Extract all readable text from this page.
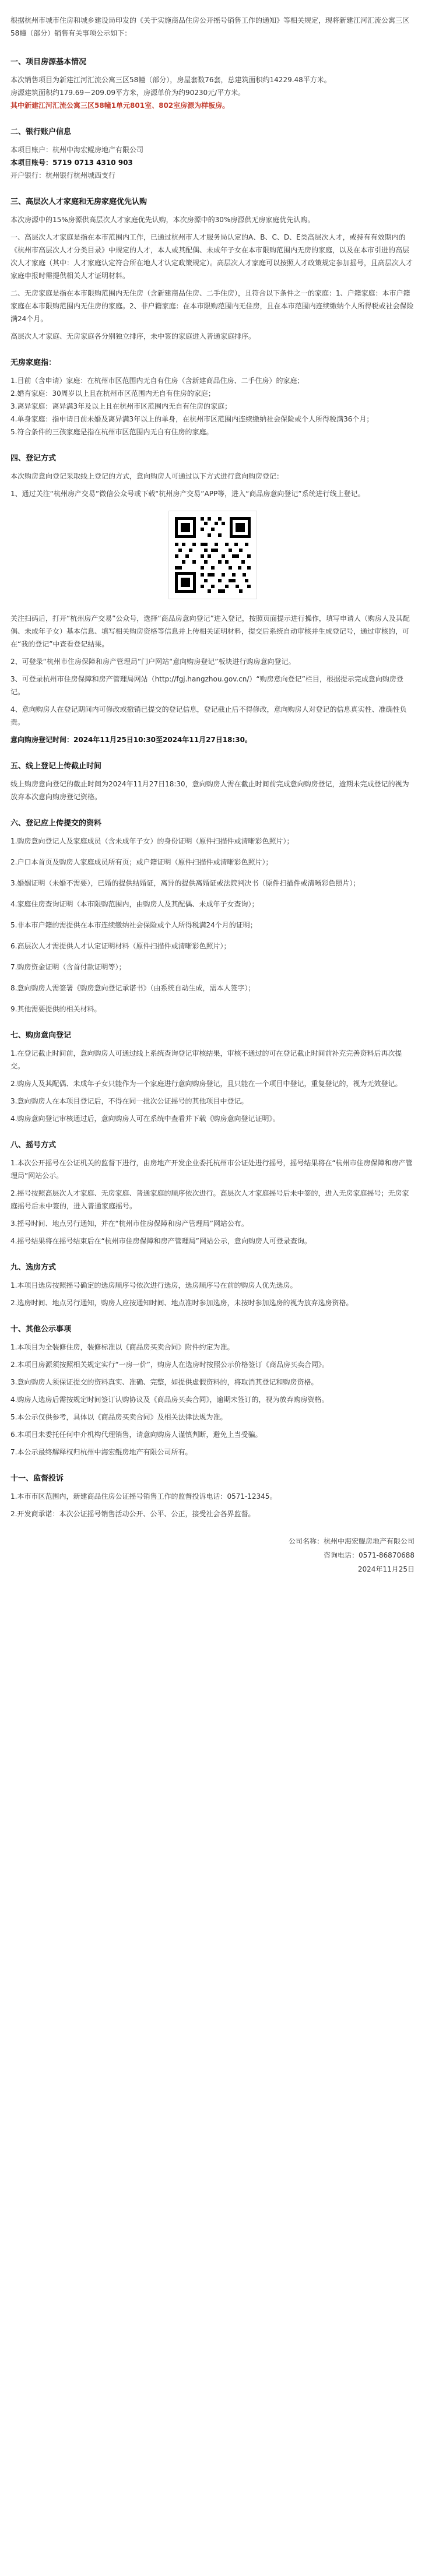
根据杭州市城市住房和城乡建设局印发的《关于实施商品住房公开摇号销售工作的通知》等相关规定，现将新建江河汇流公寓三区58幢（部分）销售有关事项公示如下：

一、项目房源基本情况

本次销售项目为新建江河汇流公寓三区58幢（部分），房屋套数76套，总建筑面积约14229.48平方米。

房源建筑面积约179.69－209.09平方米，房源单价为约90230元/平方米。

其中新建江河汇流公寓三区58幢1单元801室、802室房源为样板房。

二、银行账户信息

本项目账户：杭州中海宏鲲房地产有限公司

本项目账号：5719 0713 4310 903

开户银行：杭州银行杭州城西支行

三、高层次人才家庭和无房家庭优先认购

本次房源中的15%房源供高层次人才家庭优先认购，本次房源中的30%房源供无房家庭优先认购。

一、高层次人才家庭是指在本市范围内工作，已通过杭州市人才服务局认定的A、B、C、D、E类高层次人才，或持有有效期内的《杭州市高层次人才分类目录》中规定的人才，本人或其配偶、未成年子女在本市限购范围内无房的家庭，以及在本市引进的高层次人才家庭（其中：人才家庭认定符合所在地人才认定政策规定）。高层次人才家庭可以按照人才政策规定参加摇号，且高层次人才家庭申报时需提供相关人才证明材料。

二、无房家庭是指在本市限购范围内无住房（含新建商品住房、二手住房），且符合以下条件之一的家庭：1、户籍家庭：本市户籍家庭在本市限购范围内无住房的家庭。2、非户籍家庭：在本市限购范围内无住房，且在本市范围内连续缴纳个人所得税或社会保险满24个月。

高层次人才家庭、无房家庭各分别独立排序，未中签的家庭进入普通家庭排序。

无房家庭指：

1.目前（含申请）家庭：在杭州市区范围内无自有住房（含新建商品住房、二手住房）的家庭；

2.婚育家庭：30周岁以上且在杭州市区范围内无自有住房的家庭；

3.离异家庭：离异满3年及以上且在杭州市区范围内无自有住房的家庭；

4.单身家庭：指申请日前未婚及离异满3年以上的单身，在杭州市区范围内连续缴纳社会保险或个人所得税满36个月；

5.符合条件的三孩家庭是指在杭州市区范围内无自有住房的家庭。

四、登记方式

本次购房意向登记采取线上登记的方式，意向购房人可通过以下方式进行意向购房登记：

1、通过关注“杭州房产交易”微信公众号或下载“杭州房产交易”APP等，进入“商品房意向登记”系统进行线上登记。

关注扫码后，打开“杭州房产交易”公众号，选择“商品房意向登记”进入登记，按照页面提示进行操作，填写申请人（购房人及其配偶、未成年子女）基本信息、填写相关购房资格等信息并上传相关证明材料，提交后系统自动审核并生成登记号，通过审核的，可在“我的登记”中查看登记结果。

2、可登录“杭州市住房保障和房产管理局”门户网站“意向购房登记”板块进行购房意向登记。

3、可登录杭州市住房保障和房产管理局网站（http://fgj.hangzhou.gov.cn/）“购房意向登记”栏目，根据提示完成意向购房登记。

4、意向购房人在登记期间内可修改或撤销已提交的登记信息，登记截止后不得修改，意向购房人对登记的信息真实性、准确性负责。

意向购房登记时间：2024年11月25日10:30至2024年11月27日18:30。

五、线上登记上传截止时间

线上购房意向登记的截止时间为2024年11月27日18:30，意向购房人需在截止时间前完成意向购房登记，逾期未完成登记的视为放弃本次意向购房登记资格。

六、登记应上传提交的资料

1.购房意向登记人及家庭成员（含未成年子女）的身份证明（原件扫描件或清晰彩色照片）；

2.户口本首页及购房人家庭成员所有页；或户籍证明（原件扫描件或清晰彩色照片）；

3.婚姻证明（未婚不需要），已婚的提供结婚证，离异的提供离婚证或法院判决书（原件扫描件或清晰彩色照片）；

4.家庭住房查询证明（本市限购范围内，由购房人及其配偶、未成年子女查询）；

5.非本市户籍的需提供在本市连续缴纳社会保险或个人所得税满24个月的证明；

6.高层次人才需提供人才认定证明材料（原件扫描件或清晰彩色照片）；

7.购房资金证明（含首付款证明等）；

8.意向购房人需签署《购房意向登记承诺书》（由系统自动生成，需本人签字）；

9.其他需要提供的相关材料。

七、购房意向登记

1.在登记截止时间前，意向购房人可通过线上系统查询登记审核结果，审核不通过的可在登记截止时间前补充完善资料后再次提交。

2.购房人及其配偶、未成年子女只能作为一个家庭进行意向购房登记，且只能在一个项目中登记，重复登记的，视为无效登记。

3.意向购房人在本项目登记后，不得在同一批次公证摇号的其他项目中登记。

4.购房意向登记审核通过后，意向购房人可在系统中查看并下载《购房意向登记证明》。

八、摇号方式

1.本次公开摇号在公证机关的监督下进行，由房地产开发企业委托杭州市公证处进行摇号，摇号结果将在“杭州市住房保障和房产管理局”网站公示。

2.摇号按照高层次人才家庭、无房家庭、普通家庭的顺序依次进行。高层次人才家庭摇号后未中签的，进入无房家庭摇号；无房家庭摇号后未中签的，进入普通家庭摇号。

3.摇号时间、地点另行通知，并在“杭州市住房保障和房产管理局”网站公布。

4.摇号结果将在摇号结束后在“杭州市住房保障和房产管理局”网站公示，意向购房人可登录查询。

九、选房方式

1.本项目选房按照摇号确定的选房顺序号依次进行选房，选房顺序号在前的购房人优先选房。

2.选房时间、地点另行通知，购房人应按通知时间、地点准时参加选房，未按时参加选房的视为放弃选房资格。

十、其他公示事项

1.本项目为全装修住房，装修标准以《商品房买卖合同》附件约定为准。

2.本项目房源须按照相关规定实行“一房一价”，购房人在选房时按照公示价格签订《商品房买卖合同》。

3.意向购房人须保证提交的资料真实、准确、完整，如提供虚假资料的，将取消其登记和购房资格。

4.购房人选房后需按规定时间签订认购协议及《商品房买卖合同》，逾期未签订的，视为放弃购房资格。

5.本公示仅供参考，具体以《商品房买卖合同》及相关法律法规为准。

6.本项目未委托任何中介机构代理销售，请意向购房人谨慎判断，避免上当受骗。

7.本公示最终解释权归杭州中海宏鲲房地产有限公司所有。

十一、监督投诉

1.本市市区范围内，新建商品住房公证摇号销售工作的监督投诉电话：0571-12345。

2.开发商承诺：本次公证摇号销售活动公开、公平、公正，接受社会各界监督。

公司名称：杭州中海宏鲲房地产有限公司

咨询电话：0571-86870688

2024年11月25日
